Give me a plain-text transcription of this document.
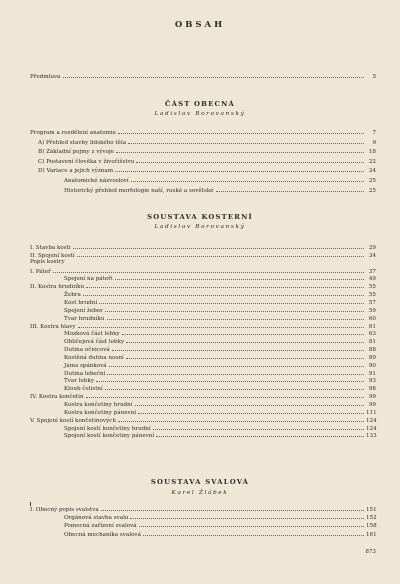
OBSAH
Předmluva	5
ČÁST OBECNÁ
Ladislav Borovanský
Program a rozdělení anatomie	7
A) Přehled stavby lidského těla	9
B) Základní pojmy z vývoje	18
C) Postavení člověka v živočišstvu	22
D) Variace a jejich význam	24
Anatomické názvosloví	25
Historický přehled morfologie naší, ruské a sovětské	25
SOUSTAVA KOSTERNÍ
Ladislav Borovanský
I. Stavba kosti	29
II. Spojení kostí	34
Popis kostry
I. Páteř	37
Spojení na páteři	49
II. Kostra hrudníku	55
Žebra	55
Kost hrudní	57
Spojení žeber	59
Tvar hrudníku	60
III. Kostra hlavy	61
Mozková část lebky	63
Obličejová část lebky	81
Dutina očnicová	88
Kostěná dutina nosní	89
Jáma spánková	90
Dutina lebeční	91
Tvar lebky	93
Kloub čelistní	98
IV. Kostra končetin	99
Kostra končetiny hrudní	99
Kostra končetiny pánevní	111
V. Spojení kostí končetinových	124
Spojení kostí končetiny hrudní	124
Spojení kostí končetiny pánevní	133
SOUSTAVA SVALOVÁ
Karel Žlábek
I. Obecný popis svalstva	151
Orgánová stavba svalu	152
Pomocná zařízení svalová	158
Obecná mechanika svalová	161
873
